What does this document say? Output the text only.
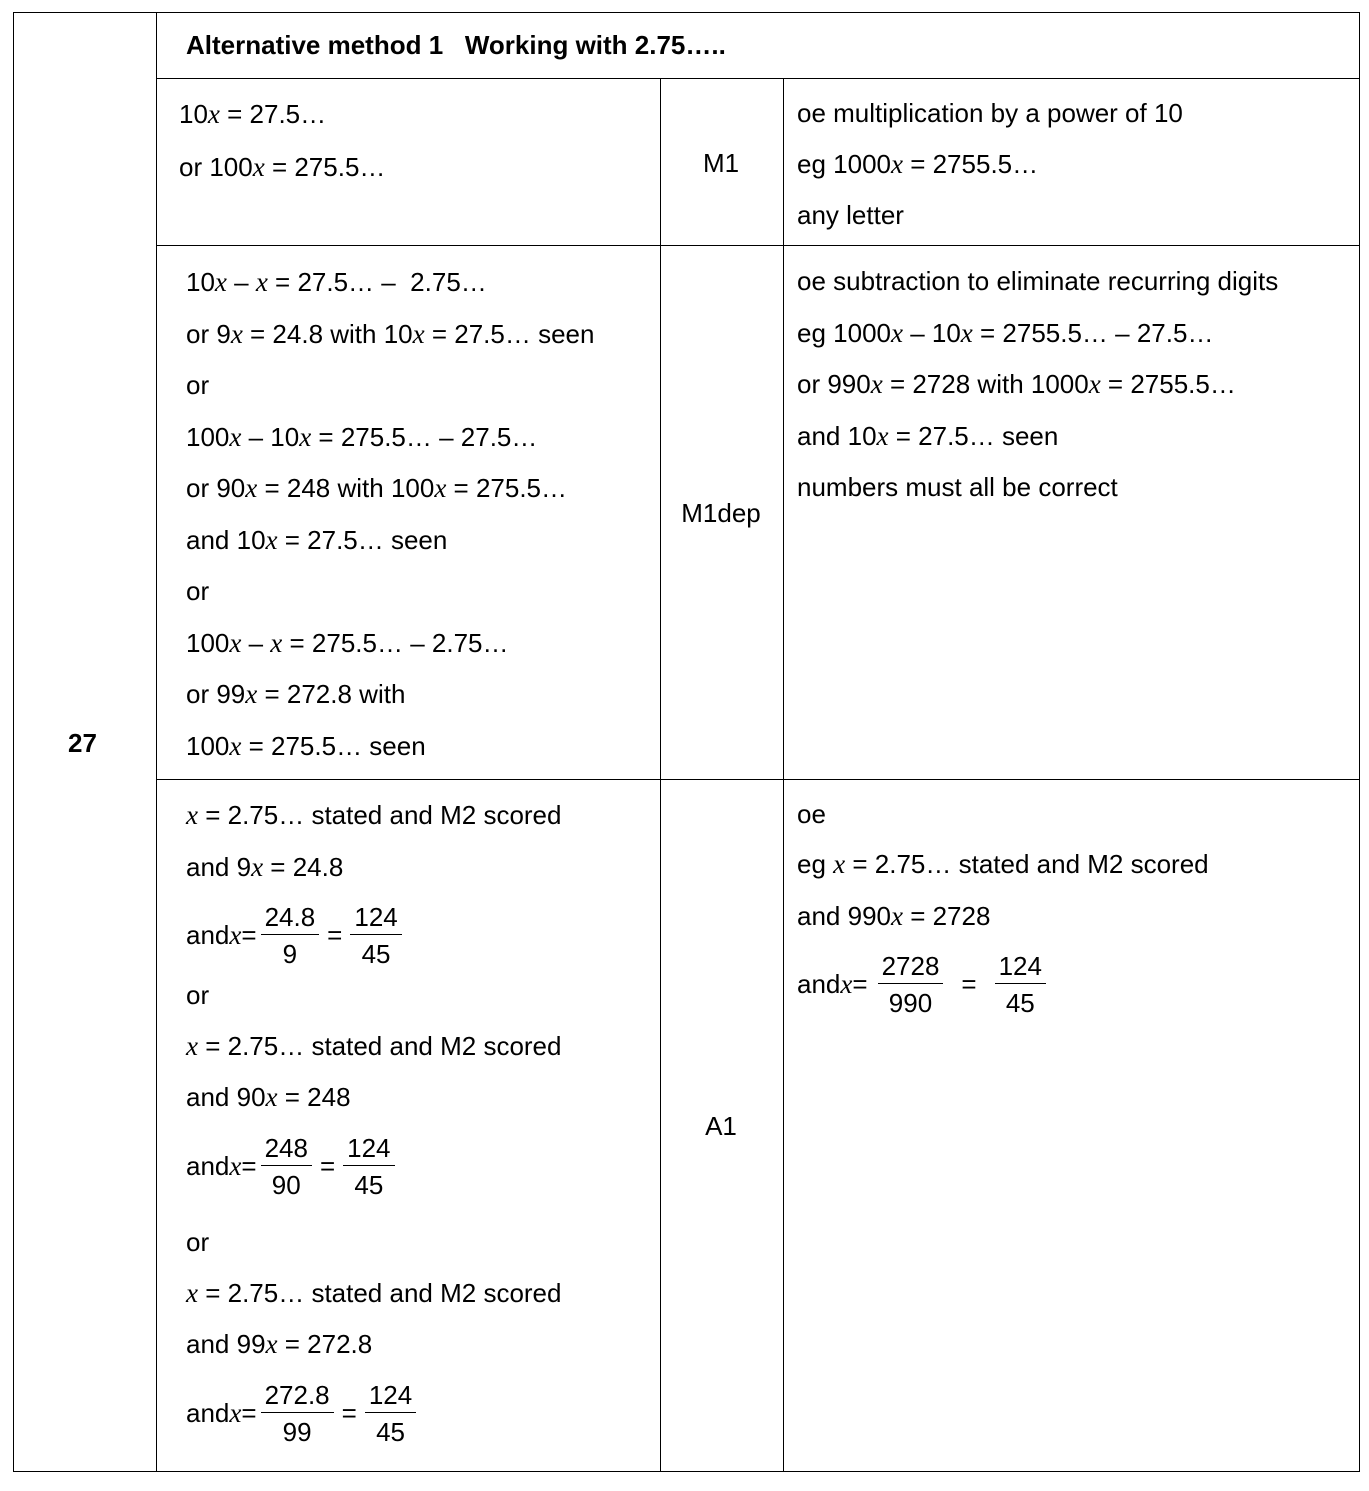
27
Alternative method 1   Working with 2.75…..
10x = 27.5…
or 100x = 275.5…	M1
oe multiplication by a power of 10
eg 1000x = 2755.5…
any letter
10x – x = 27.5… –  2.75…
or 9x = 24.8 with 10x = 27.5… seen
or
100x – 10x = 275.5… – 27.5…
or 90x = 248 with 100x = 275.5…
and 10x = 27.5… seen
or
100x – x = 275.5… – 2.75…
or 99x = 272.8 with
100x = 275.5… seen
M1dep
oe subtraction to eliminate recurring digits
eg 1000x – 10x = 2755.5… – 27.5…
or 990x = 2728 with 1000x = 2755.5…
and 10x = 27.5… seen
numbers must all be correct
x = 2.75… stated and M2 scored
and 9x = 24.8
and $x = \frac{24.8}{9} = \frac{124}{45}$
or
x = 2.75… stated and M2 scored
and 90x = 248
and $x = \frac{248}{90} = \frac{124}{45}$
or
x = 2.75… stated and M2 scored
and 99x = 272.8
and $x = \frac{272.8}{99} = \frac{124}{45}$
A1
oe
eg x = 2.75… stated and M2 scored
and 990x = 2728
and $x = \frac{2728}{990} = \frac{124}{45}$
